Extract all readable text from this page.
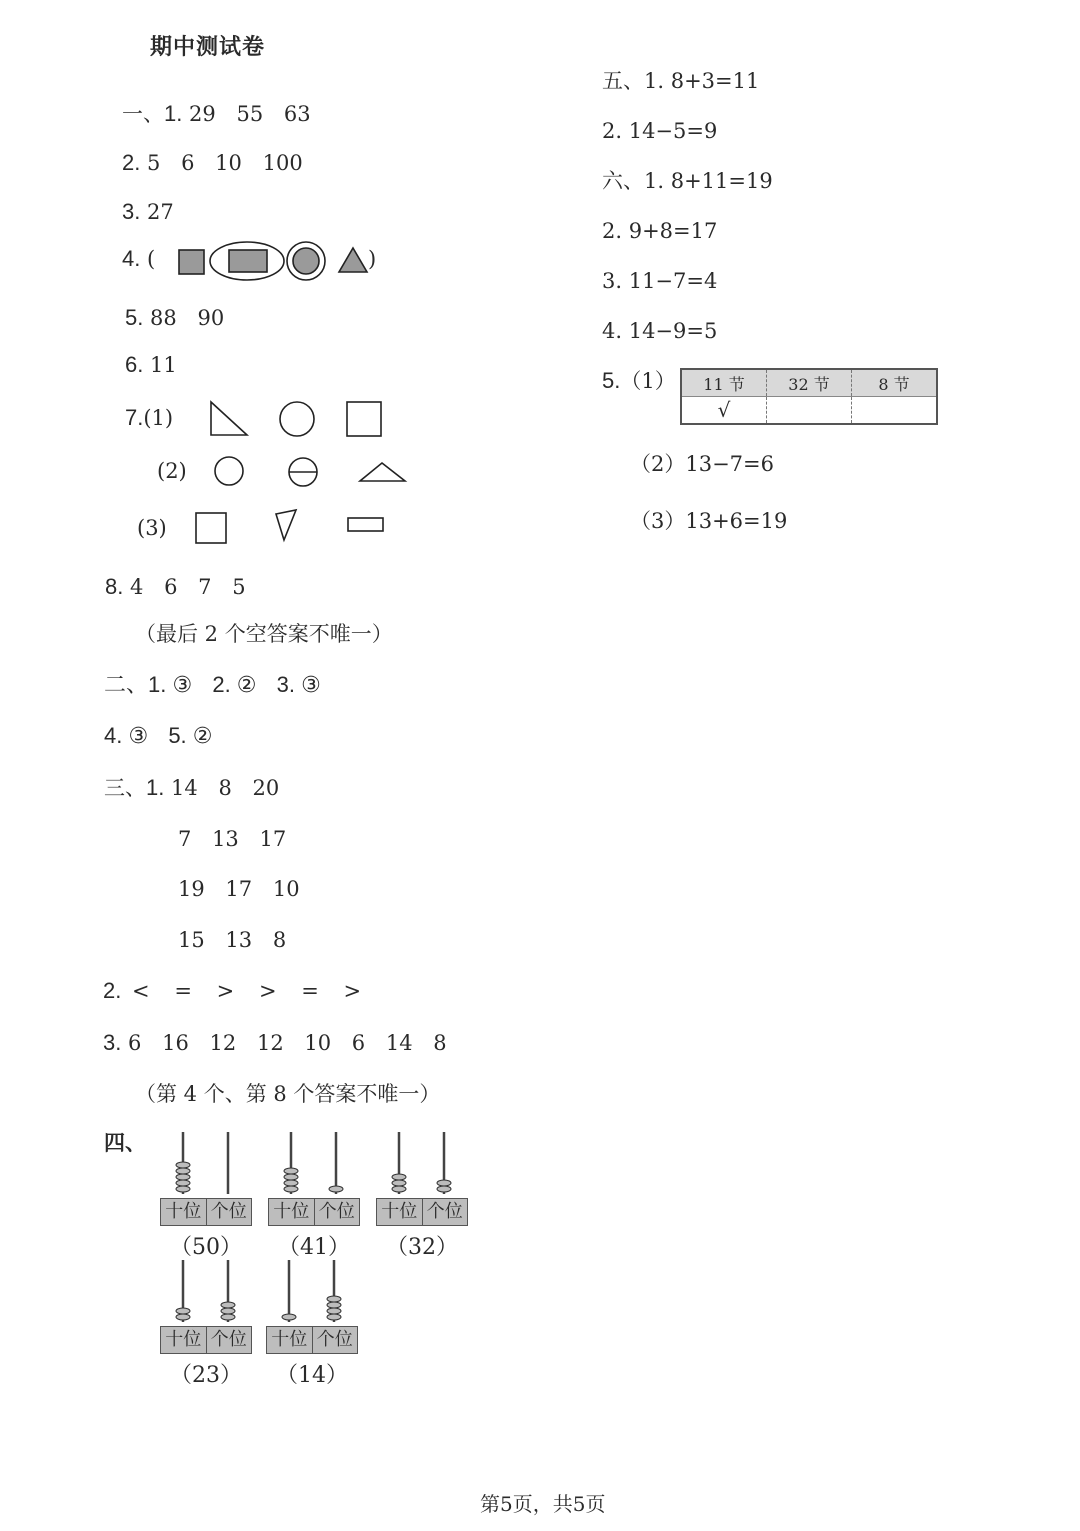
期中测试卷
一、1. 29 55 63
2. 5 6 10 100
3. 27
4. (	)
5. 88 90
6. 11
7.(1)
(2)
(3)
8. 4 6 7 5
（最后 2 个空答案不唯一）
二、1. ③ 2. ② 3. ③
4. ③ 5. ②
三、1. 14 8 20
7 13 17
19 17 10
15 13 8
2. < = > > = >
3. 6 16 12 12 10 6 14 8
（第 4 个、第 8 个答案不唯一）
四、
十位 个位
（50）
十位 个位
（41）
十位 个位
（32）
十位 个位
（23）
十位 个位
（14）
五、1. 8+3=11
2. 14−5=9
六、1. 8+11=19
2. 9+8=17
3. 11−7=4
4. 14−9=5
5.（1） 11 节	32 节	8 节
√		
（2）13−7=6
（3）13+6=19
第5页，共5页
